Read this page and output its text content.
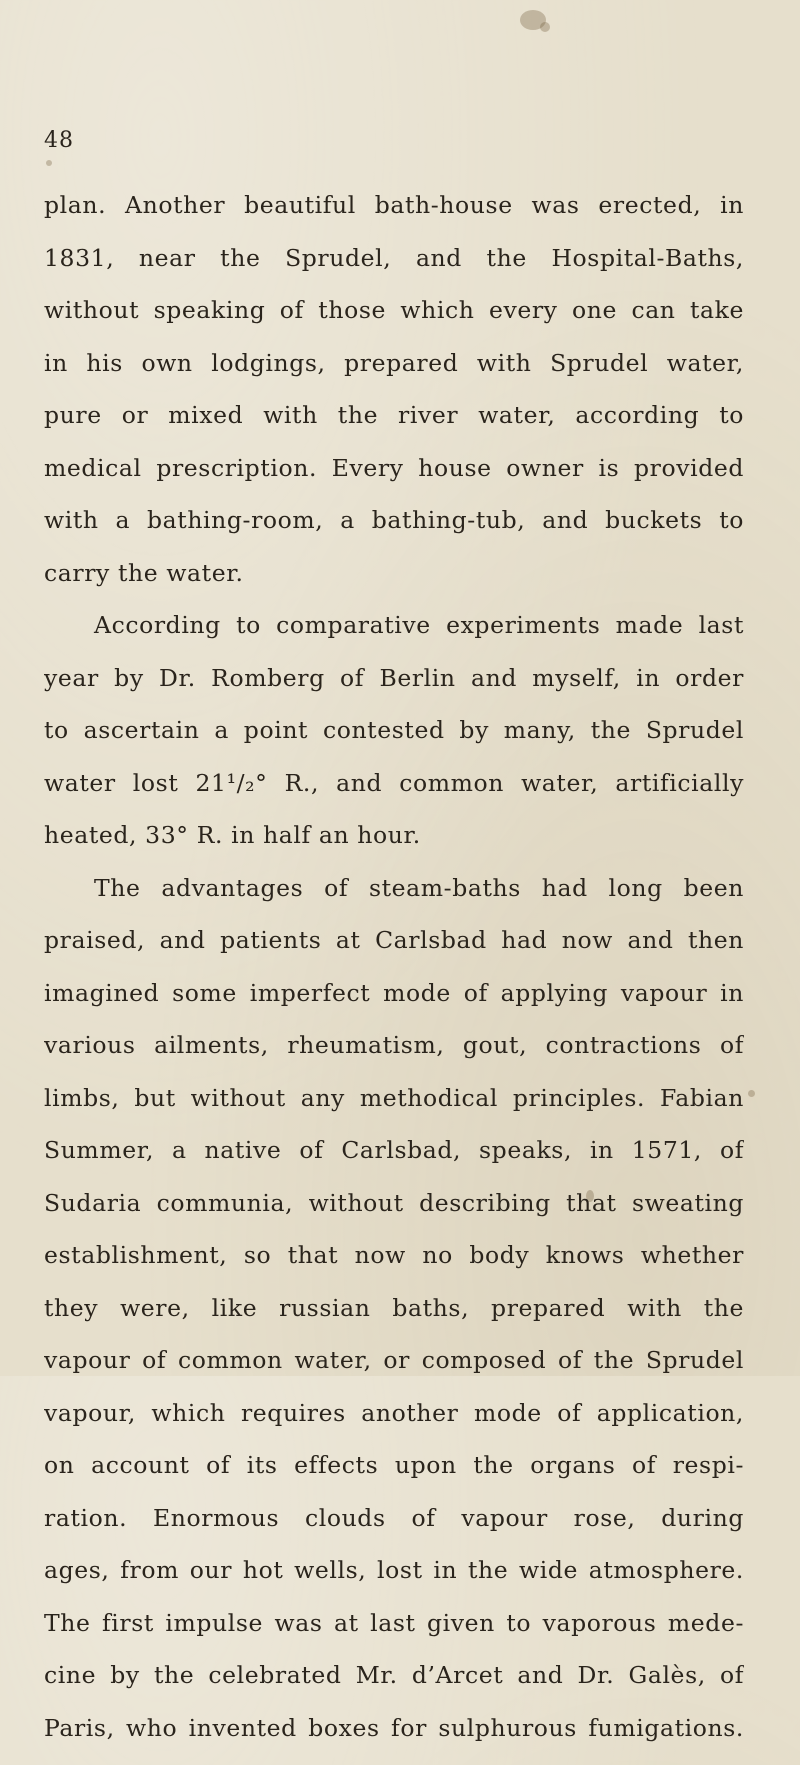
48
plan. Another beautiful bath-house was erected, in
1831, near the Sprudel, and the Hospital-Baths,
without speaking of those which every one can take
in his own lodgings, prepared with Sprudel water,
pure or mixed with the river water, according to
medical prescription. Every house owner is provided
with a bathing-room, a bathing-tub, and buckets to
carry the water.
According to comparative experiments made last
year by Dr. Romberg of Berlin and myself, in order
to ascertain a point contested by many, the Sprudel
water lost 21¹/₂° R., and common water, artificially
heated, 33° R. in half an hour.
The advantages of steam-baths had long been
praised, and patients at Carlsbad had now and then
imagined some imperfect mode of applying vapour in
various ailments, rheumatism, gout, contractions of
limbs, but without any methodical principles. Fabian
Summer, a native of Carlsbad, speaks, in 1571, of
Sudaria communia, without describing that sweating
establishment, so that now no body knows whether
they were, like russian baths, prepared with the
vapour of common water, or composed of the Sprudel
vapour, which requires another mode of application,
on account of its effects upon the organs of respi-
ration. Enormous clouds of vapour rose, during
ages, from our hot wells, lost in the wide atmosphere.
The first impulse was at last given to vaporous mede-
cine by the celebrated Mr. d’Arcet and Dr. Galès, of
Paris, who invented boxes for sulphurous fumigations.
